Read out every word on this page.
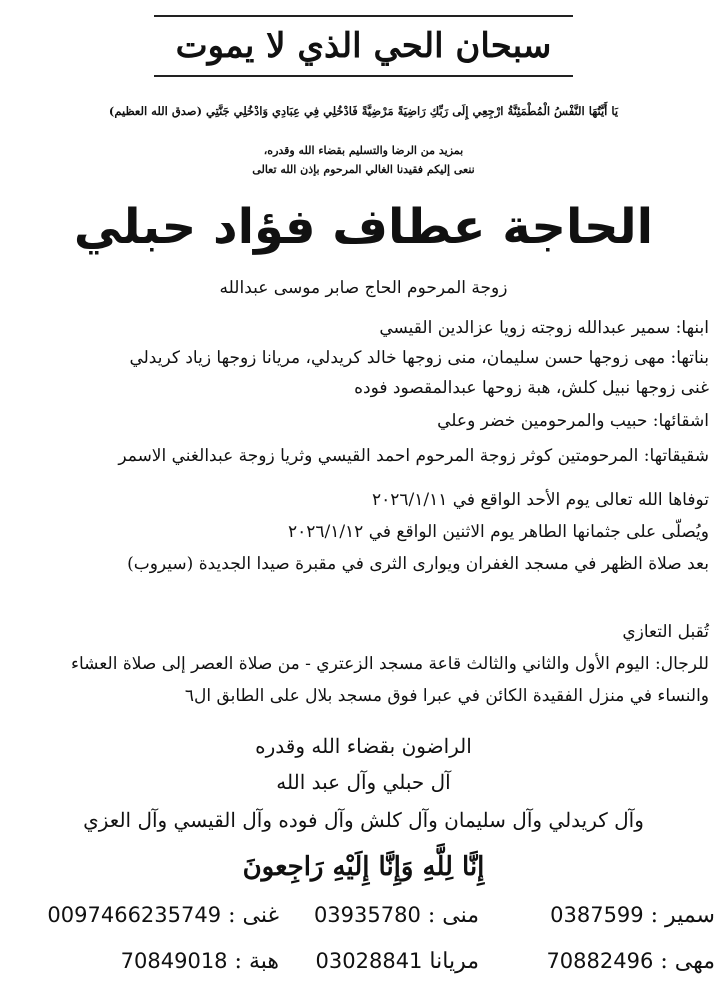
سبحان الحي الذي لا يموت
يَا أَيَّتُهَا النَّفْسُ الْمُطْمَئِنَّةُ ارْجِعِي إِلَى رَبِّكِ رَاضِيَةً مَرْضِيَّةً فَادْخُلِي فِي عِبَادِي وَادْخُلِي جَنَّتِي (صدق الله العظيم)
بمزيد من الرضا والتسليم بقضاء الله وقدره،
ننعى إليكم فقيدنا الغالي المرحوم بإذن الله تعالى
الحاجة عطاف فؤاد حبلي
زوجة المرحوم الحاج صابر موسى عبدالله
ابنها: سمير عبدالله زوجته زويا عزالدين القيسي
بناتها: مهى زوجها حسن سليمان، منى زوجها خالد كريدلي، مريانا زوجها زياد كريدلي
غنى زوجها نبيل كلش، هبة زوحها عبدالمقصود فوده
اشقائها: حبيب والمرحومين خضر وعلي
شقيقاتها: المرحومتين كوثر زوجة المرحوم احمد القيسي وثريا زوجة عبدالغني الاسمر
توفاها الله تعالى يوم الأحد الواقع في ٢٠٢٦/١/١١
ويُصلّى على جثمانها الطاهر يوم الاثنين الواقع في ٢٠٢٦/١/١٢
بعد صلاة الظهر في مسجد الغفران ويوارى الثرى في مقبرة صيدا الجديدة (سيروب)
تُقبل التعازي
للرجال: اليوم الأول والثاني والثالث قاعة مسجد الزعتري - من صلاة العصر إلى صلاة العشاء
والنساء في منزل الفقيدة الكائن في عبرا فوق مسجد بلال على الطابق ال٦
الراضون بقضاء الله وقدره
آل حبلي وآل عبد الله
وآل كريدلي وآل سليمان وآل كلش وآل فوده وآل القيسي وآل العزي
إِنَّا لِلَّهِ وَإِنَّا إِلَيْهِ رَاجِعونَ
سمير : 0387599
منى : 03935780
غنى : 0097466235749
مهى : 70882496
مريانا 03028841
هبة : 70849018
